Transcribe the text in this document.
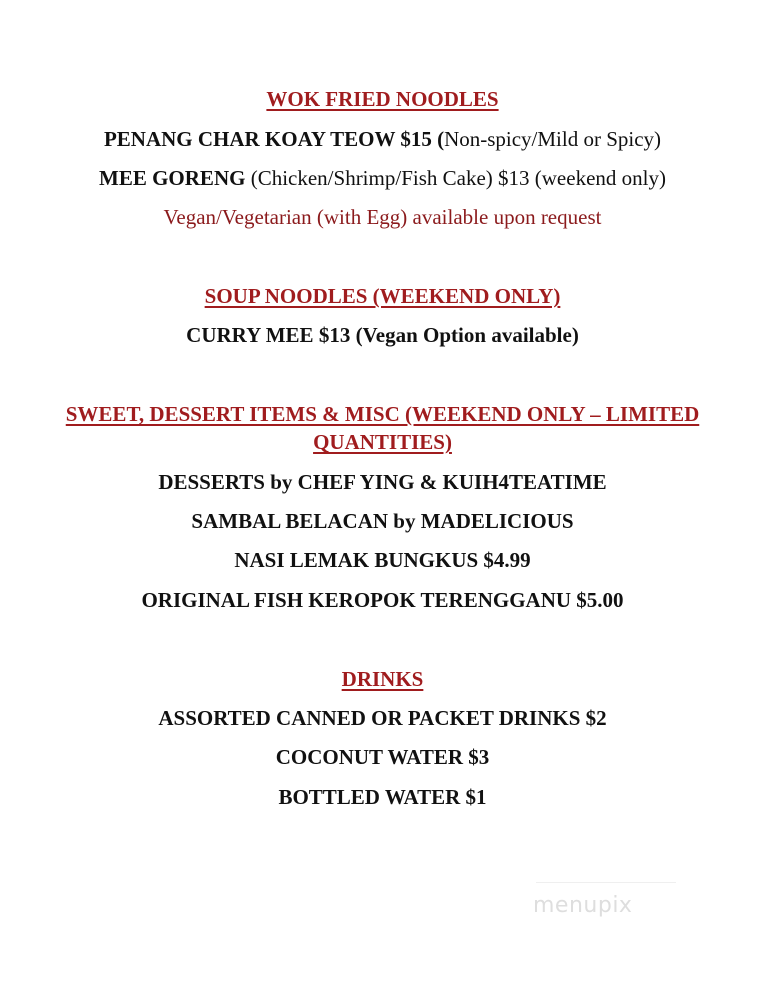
WOK FRIED NOODLES
PENANG CHAR KOAY TEOW $15 (Non-spicy/Mild or Spicy)
MEE GORENG (Chicken/Shrimp/Fish Cake) $13 (weekend only)
Vegan/Vegetarian (with Egg) available upon request
SOUP NOODLES (WEEKEND ONLY)
CURRY MEE $13 (Vegan Option available)
SWEET, DESSERT ITEMS & MISC (WEEKEND ONLY – LIMITED QUANTITIES)
DESSERTS by CHEF YING & KUIH4TEATIME
SAMBAL BELACAN by MADELICIOUS
NASI LEMAK BUNGKUS $4.99
ORIGINAL FISH KEROPOK TERENGGANU $5.00
DRINKS
ASSORTED CANNED OR PACKET DRINKS $2
COCONUT WATER $3
BOTTLED WATER $1
menupix
